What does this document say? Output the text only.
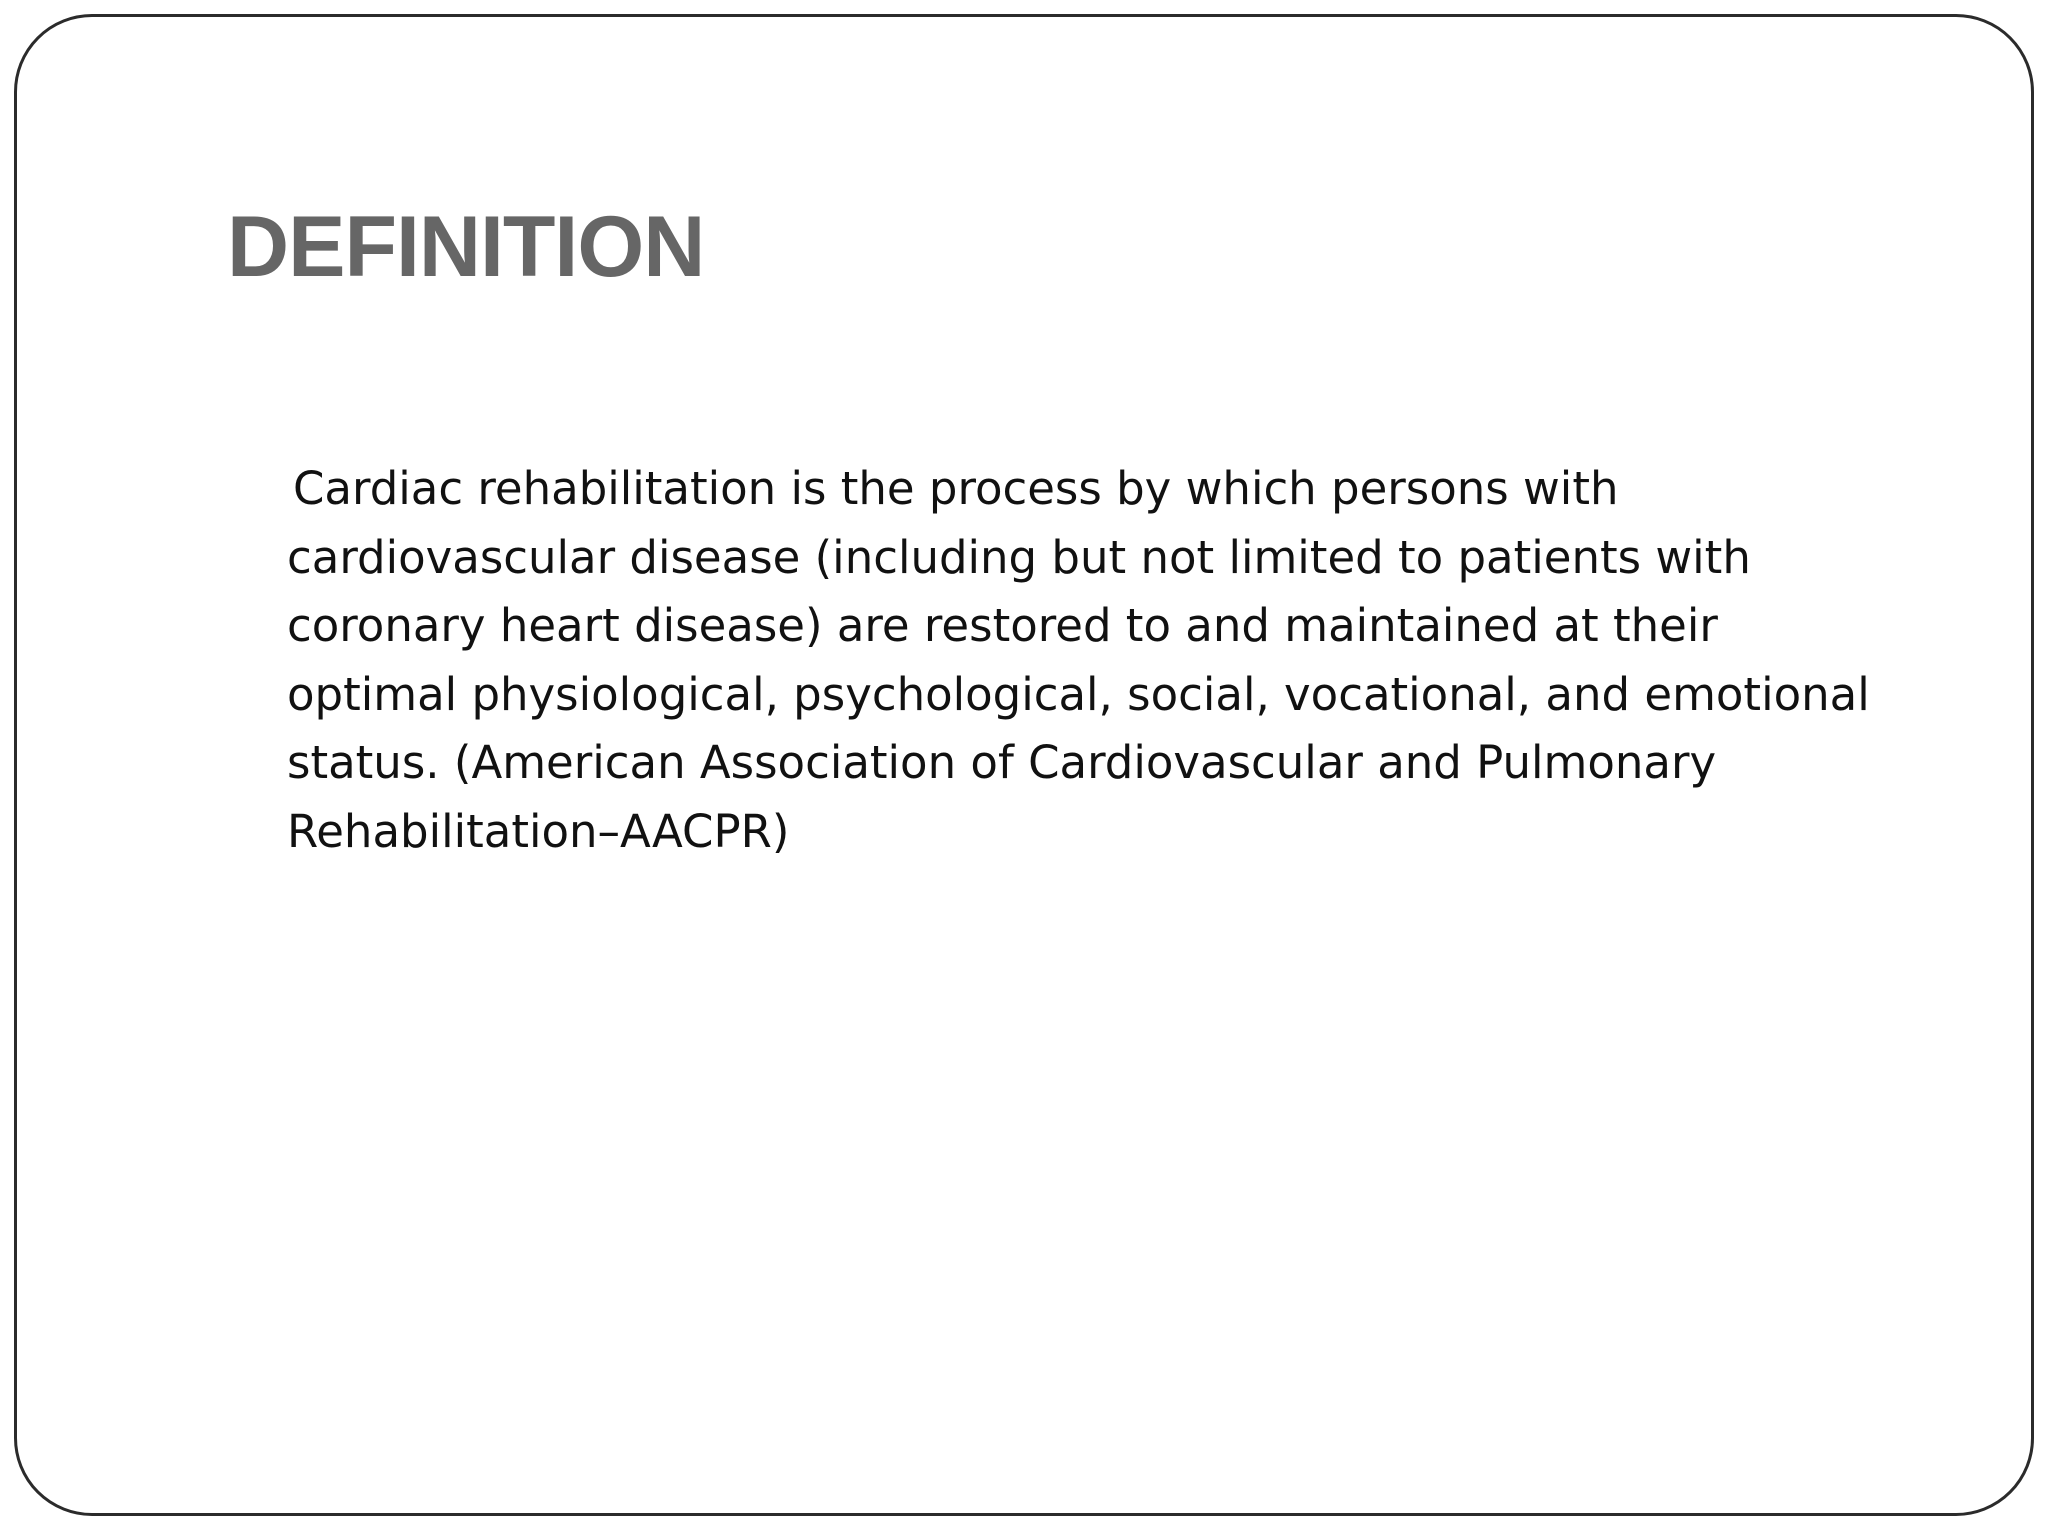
DEFINITION

Cardiac rehabilitation is the process by which persons with
cardiovascular disease (including but not limited to patients with
coronary heart disease) are restored to and maintained at their
optimal physiological, psychological, social, vocational, and emotional
status. (American Association of Cardiovascular and Pulmonary
Rehabilitation–AACPR)
